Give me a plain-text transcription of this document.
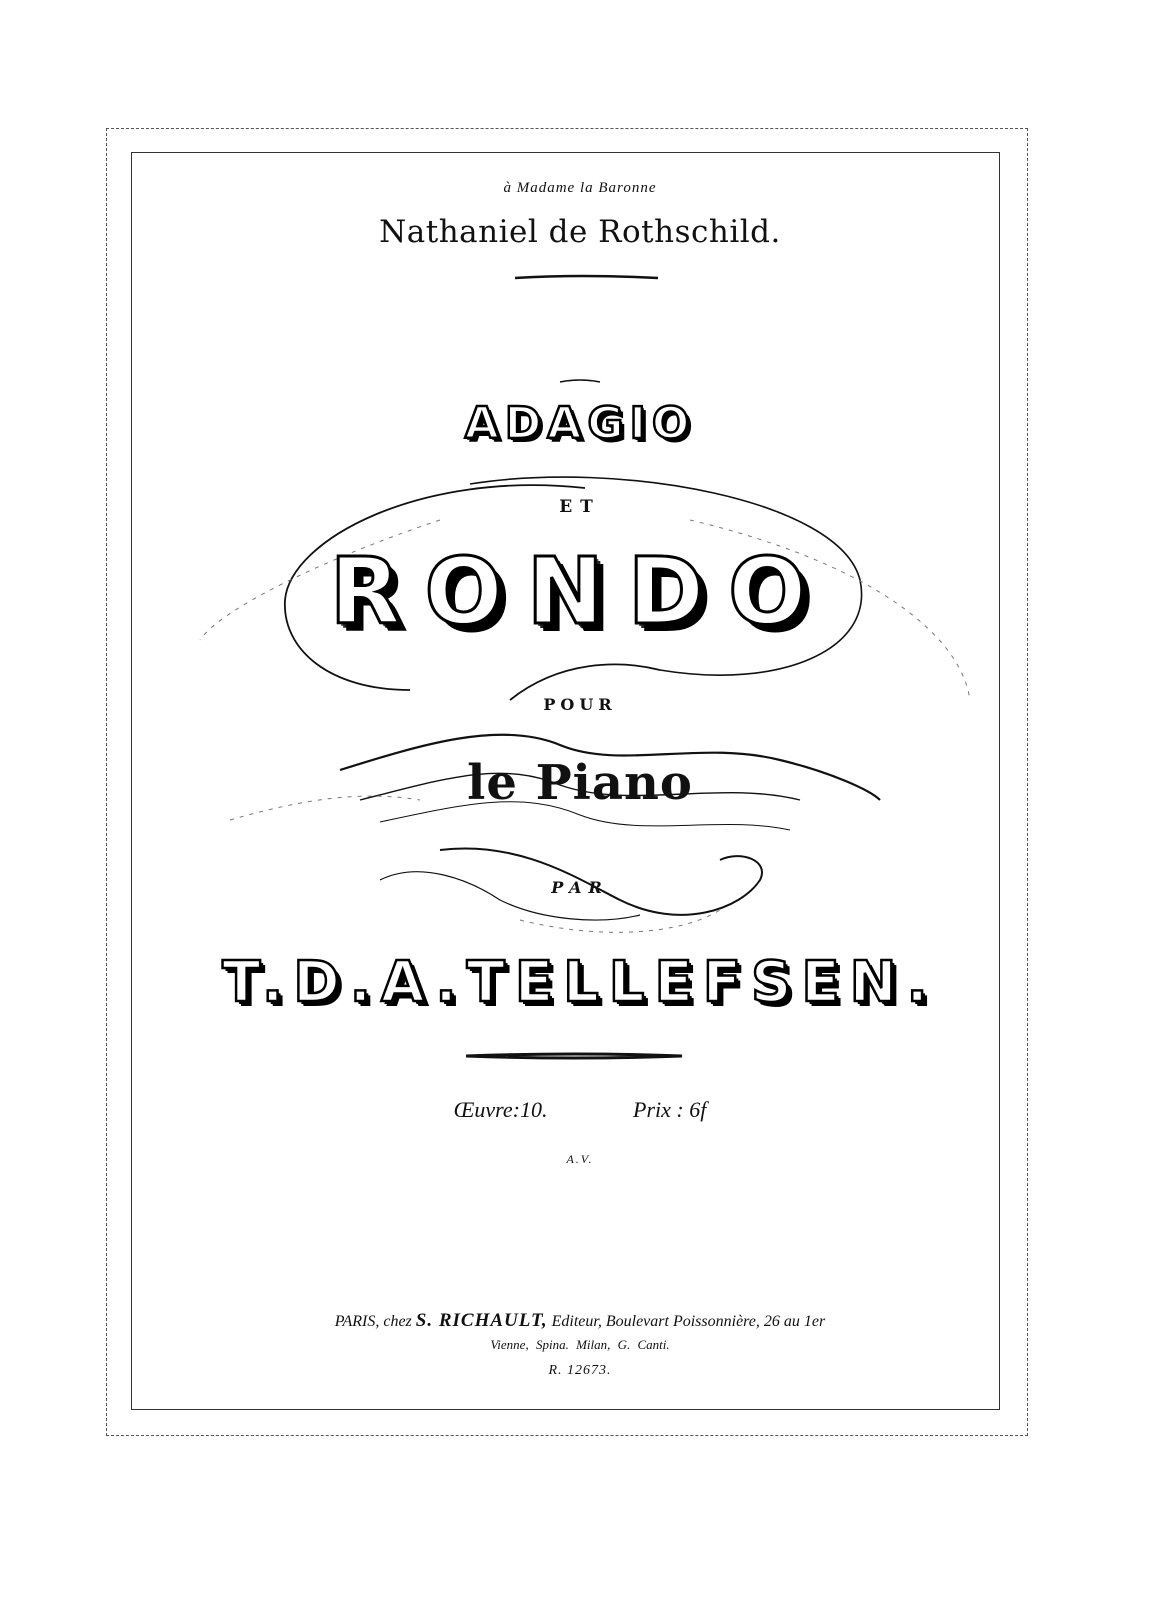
à Madame la Baronne
Nathaniel de Rothschild.
ADAGIO
ET
RONDO
POUR
le Piano
PAR
T.D.A.TELLEFSEN.
Œuvre:10.	Prix : 6f
A.V.
PARIS, chez S. RICHAULT, Editeur, Boulevart Poissonnière, 26 au 1er
Vienne, Spina. Milan, G. Canti.
R. 12673.
